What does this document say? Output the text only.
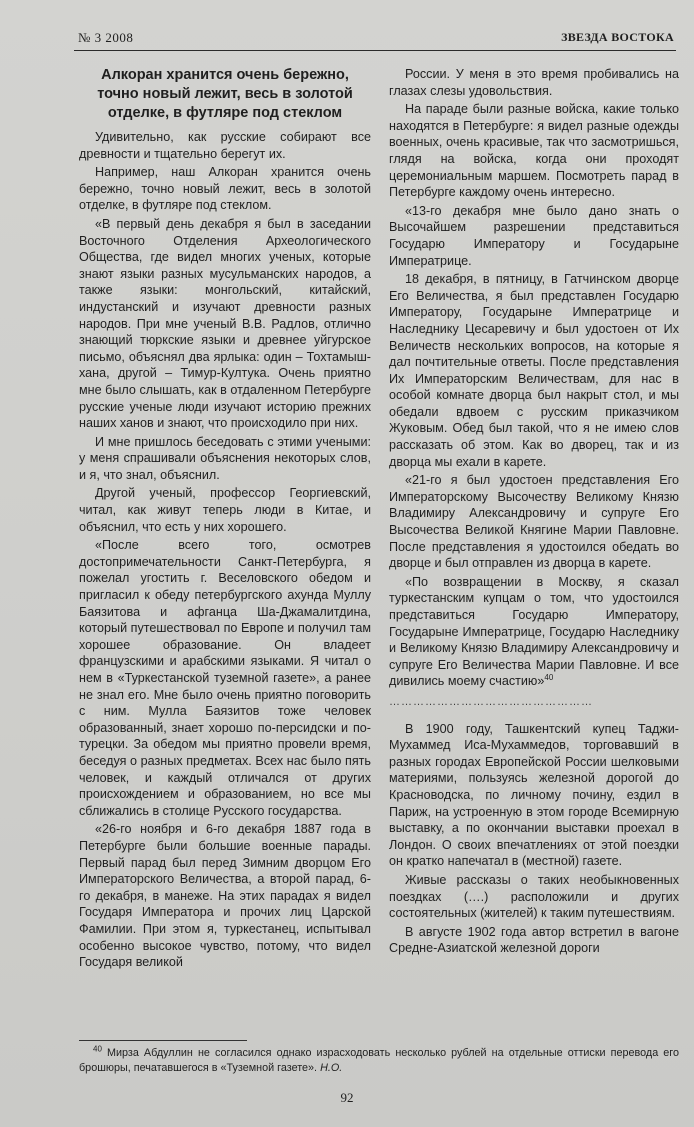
№ 3 2008	ЗВЕЗДА ВОСТОКА
Алкоран хранится очень бережно, точно новый лежит, весь в золотой отделке, в футляре под стеклом

Удивительно, как русские собирают все древности и тщательно берегут их.

Например, наш Алкоран хранится очень бережно, точно новый лежит, весь в золотой отделке, в футляре под стеклом.

«В первый день декабря я был в заседании Восточного Отделения Археологического Общества, где видел многих ученых, которые знают языки разных мусульманских народов, а также языки: монгольский, китайский, индустанский и изучают древности разных народов. При мне ученый В.В. Радлов, отлично знающий тюркские языки и древнее уйгурское письмо, объяснял два ярлыка: один – Тохтамыш-хана, другой – Тимур-Култука. Очень приятно мне было слышать, как в отдаленном Петербурге русские ученые люди изучают историю прежних наших ханов и знают, что происходило при них.

И мне пришлось беседовать с этими учеными: у меня спрашивали объяснения некоторых слов, и я, что знал, объяснил.

Другой ученый, профессор Георгиевский, читал, как живут теперь люди в Китае, и объяснил, что есть у них хорошего.

«После всего того, осмотрев достопримечательности Санкт-Петербурга, я пожелал угостить г. Веселовского обедом и пригласил к обеду петербургского ахунда Муллу Баязитова и афганца Ша-Джамалитдина, который путешествовал по Европе и получил там хорошее образование. Он владеет французскими и арабскими языками. Я читал о нем в «Туркестанской туземной газете», а ранее не знал его. Мне было очень приятно поговорить с ним. Мулла Баязитов тоже человек образованный, знает хорошо по-персидски и по-турецки. За обедом мы приятно провели время, беседуя о разных предметах. Всех нас было пять человек, и каждый отличался от других происхождением и образованием, но все мы сближались в столице Русского государства.

«26-го ноября и 6-го декабря 1887 года в Петербурге были большие военные парады. Первый парад был перед Зимним дворцом Его Императорского Величества, а второй парад, 6-го декабря, в манеже. На этих парадах я видел Государя Императора и прочих лиц Царской Фамилии. При этом я, туркестанец, испытывал особенно высокое чувство, потому, что видел Государя великой

России. У меня в это время пробивались на глазах слезы удовольствия.

На параде были разные войска, какие только находятся в Петербурге: я видел разные одежды военных, очень красивые, так что засмотришься, глядя на войска, когда они проходят церемониальным маршем. Посмотреть парад в Петербурге каждому очень интересно.

«13-го декабря мне было дано знать о Высочайшем разрешении представиться Государю Императору и Государыне Императрице.

18 декабря, в пятницу, в Гатчинском дворце Его Величества, я был представлен Государю Императору, Государыне Императрице и Наследнику Цесаревичу и был удостоен от Их Величеств нескольких вопросов, на которые я дал почтительные ответы. После представления Их Императорским Величествам, для нас в особой комнате дворца был накрыт стол, и мы обедали вдвоем с русским приказчиком Жуковым. Обед был такой, что я не имею слов рассказать об этом. Как во дворец, так и из дворца мы ехали в карете.

«21-го я был удостоен представления Его Императорскому Высочеству Великому Князю Владимиру Александровичу и супруге Его Высочества Великой Княгине Марии Павловне. После представления я удостоился обедать во дворце и был отправлен из дворца в карете.

«По возвращении в Москву, я сказал туркестанским купцам о том, что удостоился представиться Государю Императору, Государыне Императрице, Государю Наследнику и Великому Князю Владимиру Александровичу и супруге Его Величества Марии Павловне. И все дивились моему счастию»$^{40}$

……………………………………………

В 1900 году, Ташкентский купец Таджи-Мухаммед Иса-Мухаммедов, торговавший в разных городах Европейской России шелковыми материями, пользуясь железной дорогой до Красноводска, по личному почину, ездил в Париж, на устроенную в этом городе Всемирную выставку, а по окончании выставки проехал в Лондон. О своих впечатлениях от этой поездки он кратко напечатал в (местной) газете.

Живые рассказы о таких необыкновенных поездках (….) расположили и других состоятельных (жителей) к таким путешествиям.

В августе 1902 года автор встретил в вагоне Средне-Азиатской железной дороги

$^{40}$ Мирза Абдуллин не согласился однако израсходовать несколько рублей на отдельные оттиски перевода его брошюры, печатавшегося в «Туземной газете». Н.О.
92
